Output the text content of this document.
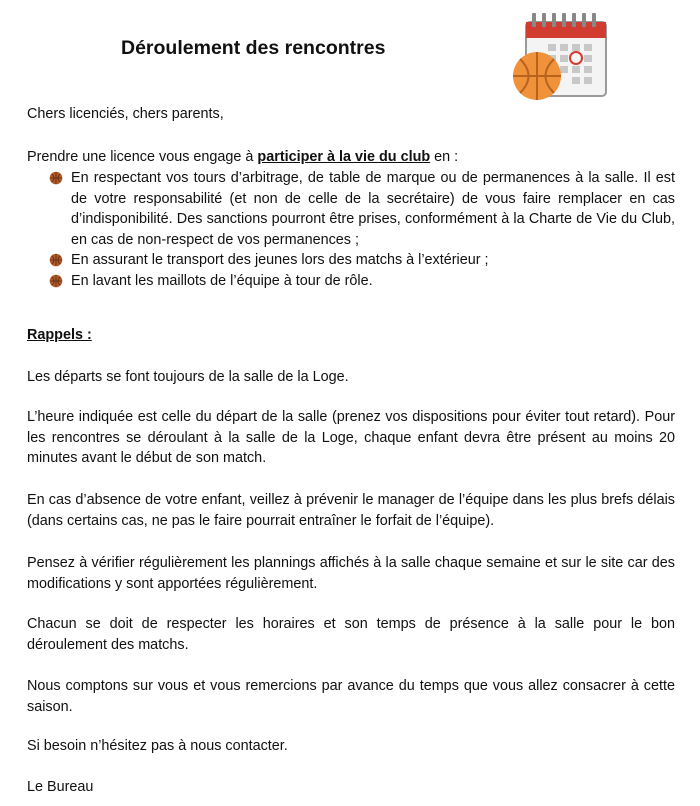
Déroulement des rencontres

Chers licenciés, chers parents,

Prendre une licence vous engage à participer à la vie du club en :

En respectant vos tours d’arbitrage, de table de marque ou de permanences à la salle. Il est de votre responsabilité (et non de celle de la secrétaire) de vous faire remplacer en cas d’indisponibilité. Des sanctions pourront être prises, conformément à la Charte de Vie du Club, en cas de non-respect de vos permanences ;
En assurant le transport des jeunes lors des matchs à l’extérieur ;
En lavant les maillots de l’équipe à tour de rôle.

Rappels :

Les départs se font toujours de la salle de la Loge.

L’heure indiquée est celle du départ de la salle (prenez vos dispositions pour éviter tout retard). Pour les rencontres se déroulant à la salle de la Loge, chaque enfant devra être présent au moins 20 minutes avant le début de son match.

En cas d’absence de votre enfant, veillez à prévenir le manager de l’équipe dans les plus brefs délais (dans certains cas, ne pas le faire pourrait entraîner le forfait de l’équipe).

Pensez à vérifier régulièrement les plannings affichés à la salle chaque semaine et sur le site car des modifications y sont apportées régulièrement.

Chacun se doit de respecter les horaires et son temps de présence à la salle pour le bon déroulement des matchs.

Nous comptons sur vous et vous remercions par avance du temps que vous allez consacrer à cette saison.

Si besoin n’hésitez pas à nous contacter.

Le Bureau
